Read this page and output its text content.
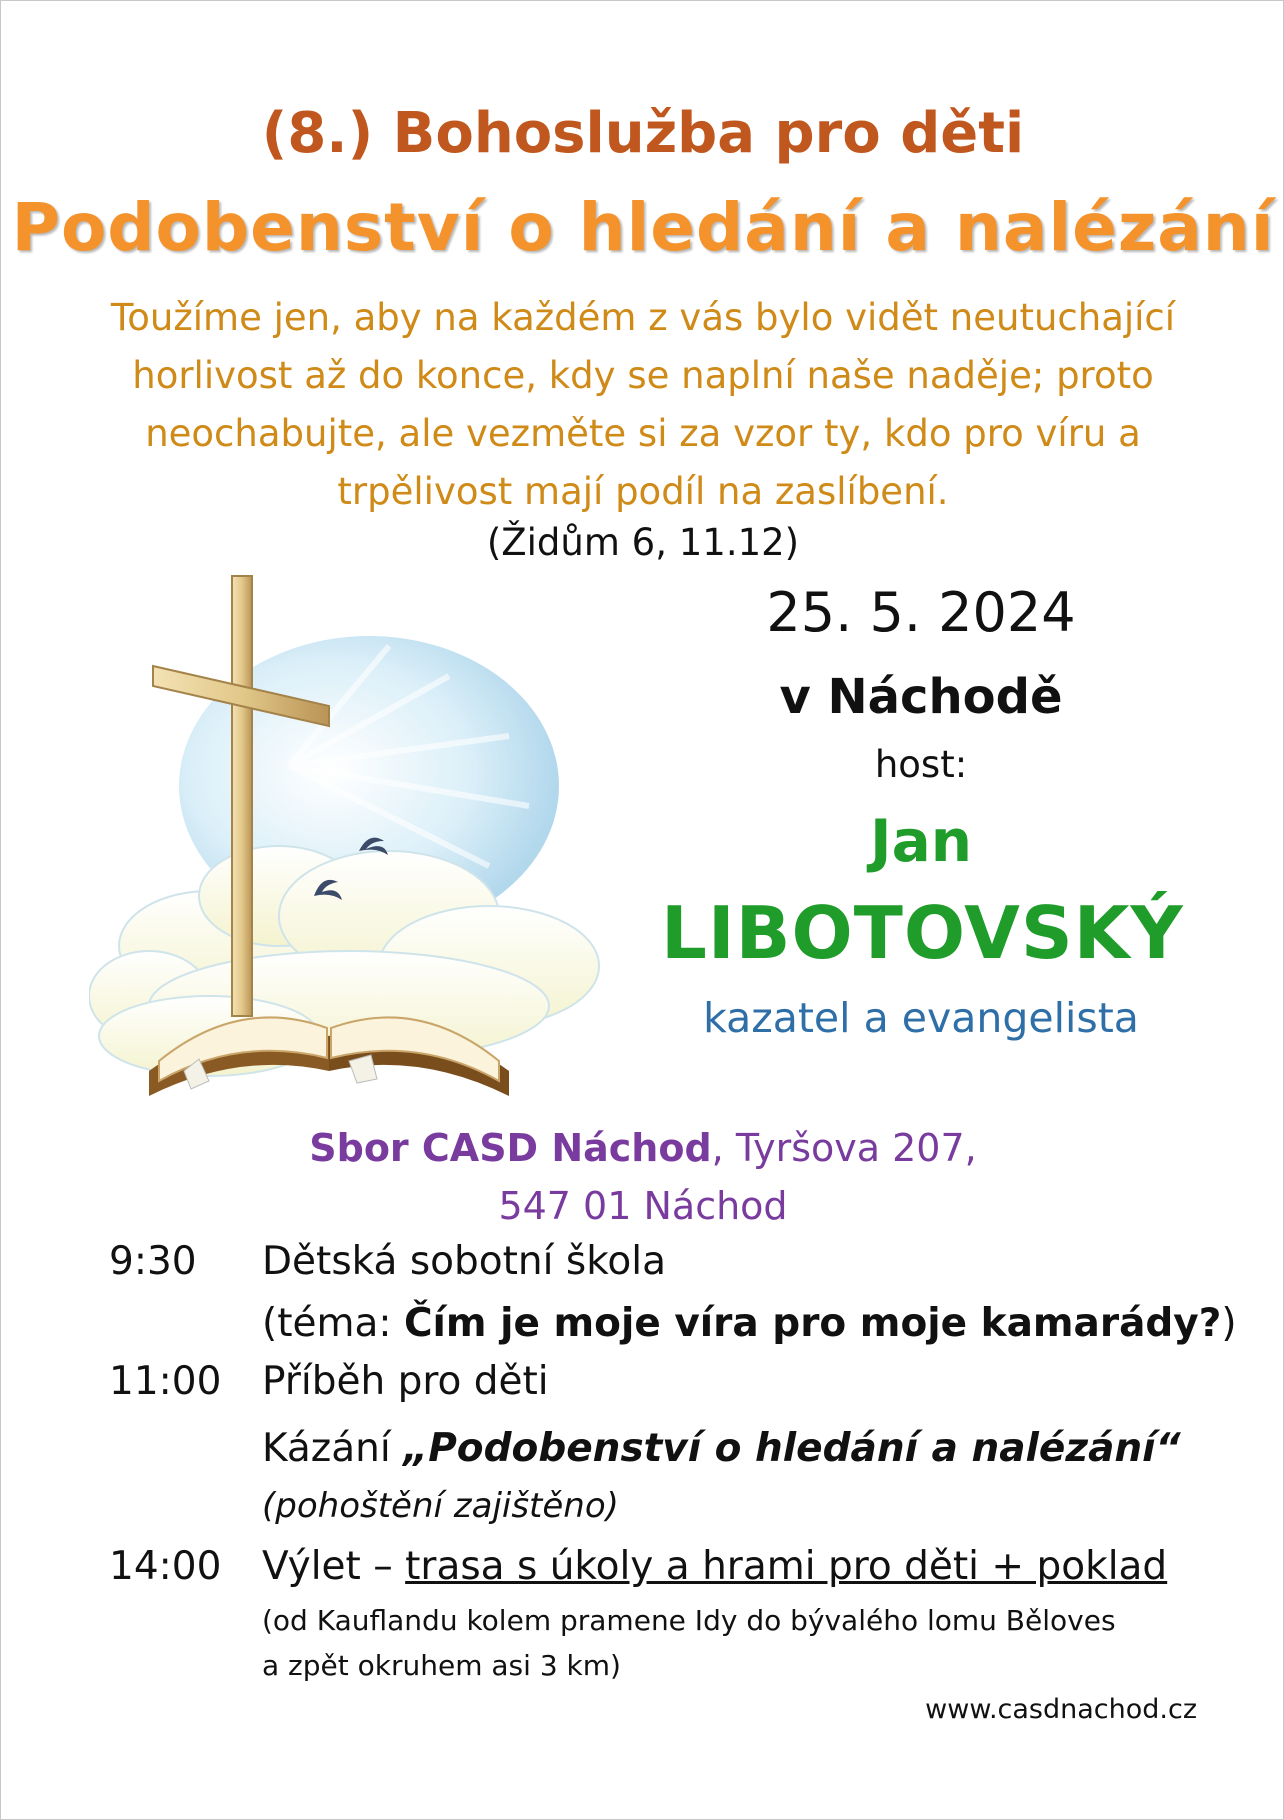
(8.) Bohoslužba pro děti
Podobenství o hledání a nalézání
Toužíme jen, aby na každém z vás bylo vidět neutuchající
horlivost až do konce, kdy se naplní naše naděje; proto
neochabujte, ale vezměte si za vzor ty, kdo pro víru a
trpělivost mají podíl na zaslíbení.
(Židům 6, 11.12)
25. 5. 2024
v Náchodě
host:
Jan
LIBOTOVSKÝ
kazatel a evangelista
Sbor CASD Náchod, Tyršova 207,
547 01 Náchod
9:30 Dětská sobotní škola
(téma: Čím je moje víra pro moje kamarády?)
11:00 Příběh pro děti
Kázání „Podobenství o hledání a nalézání“
(pohoštění zajištěno)
14:00 Výlet – trasa s úkoly a hrami pro děti + poklad
(od Kauflandu kolem pramene Idy do bývalého lomu Běloves
a zpět okruhem asi 3 km)
www.casdnachod.cz
